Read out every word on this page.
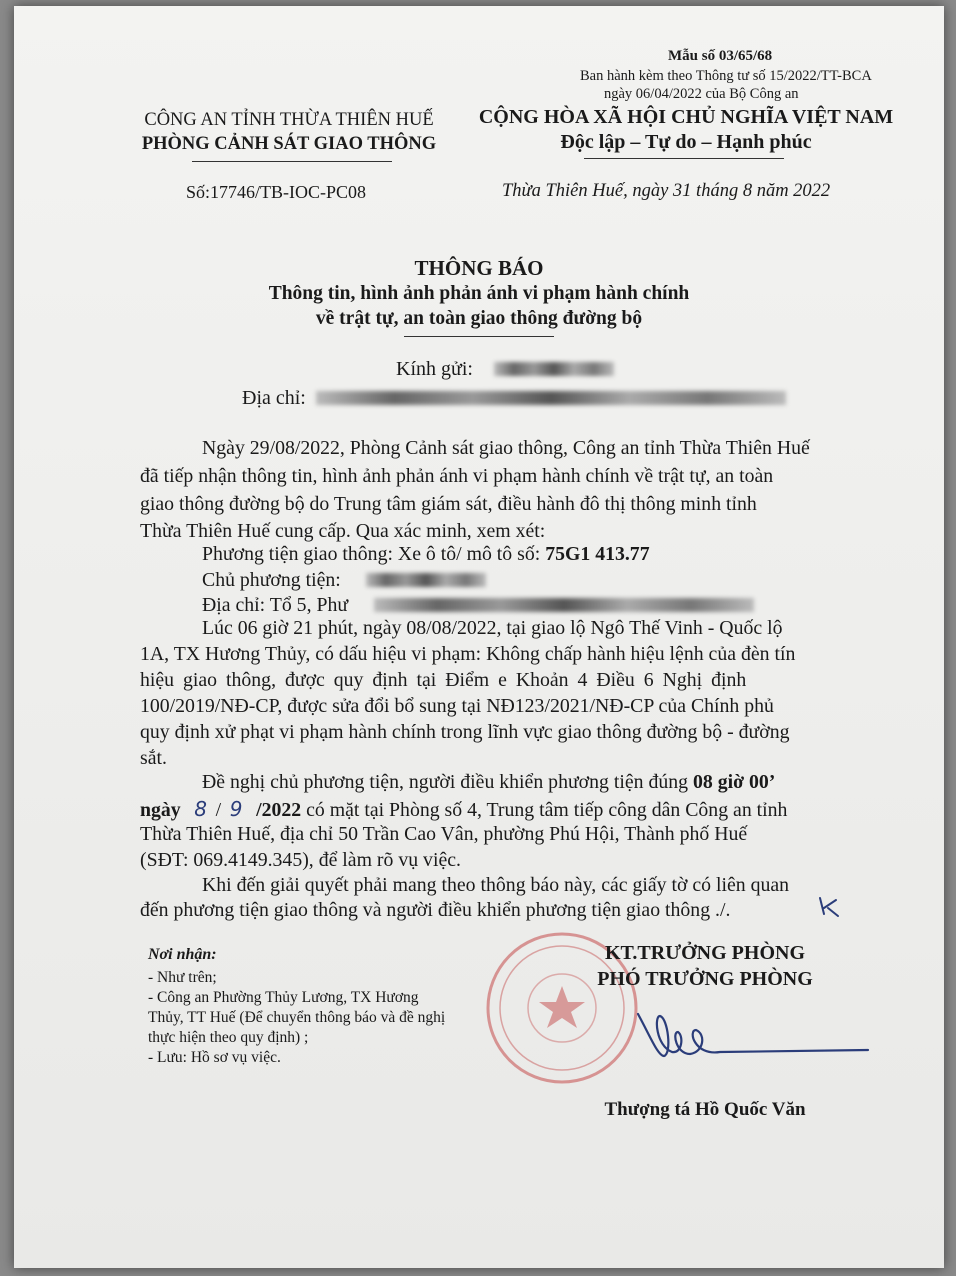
Mẫu số 03/65/68
Ban hành kèm theo Thông tư số 15/2022/TT-BCA
ngày 06/04/2022 của Bộ Công an
CÔNG AN TỈNH THỪA THIÊN HUẾ
PHÒNG CẢNH SÁT GIAO THÔNG
CỘNG HÒA XÃ HỘI CHỦ NGHĨA VIỆT NAM
Độc lập – Tự do – Hạnh phúc
Số:17746/TB-IOC-PC08	Thừa Thiên Huế, ngày 31 tháng 8 năm 2022
THÔNG BÁO
Thông tin, hình ảnh phản ánh vi phạm hành chính
về trật tự, an toàn giao thông đường bộ
Kính gửi:
Địa chỉ:
Ngày 29/08/2022, Phòng Cảnh sát giao thông, Công an tỉnh Thừa Thiên Huế
đã tiếp nhận thông tin, hình ảnh phản ánh vi phạm hành chính về trật tự, an toàn
giao thông đường bộ do Trung tâm giám sát, điều hành đô thị thông minh tỉnh
Thừa Thiên Huế cung cấp. Qua xác minh, xem xét:
Phương tiện giao thông: Xe ô tô/ mô tô số: 75G1 413.77
Chủ phương tiện:
Địa chỉ: Tổ 5, Phư
Lúc 06 giờ 21 phút, ngày 08/08/2022, tại giao lộ Ngô Thế Vinh - Quốc lộ
1A, TX Hương Thủy, có dấu hiệu vi phạm: Không chấp hành hiệu lệnh của đèn tín
hiệu giao thông, được quy định tại Điểm e Khoản 4 Điều 6 Nghị định
100/2019/NĐ-CP, được sửa đổi bổ sung tại NĐ123/2021/NĐ-CP của Chính phủ
quy định xử phạt vi phạm hành chính trong lĩnh vực giao thông đường bộ - đường
sắt.
Đề nghị chủ phương tiện, người điều khiển phương tiện đúng 08 giờ 00’
ngày 8 / 9 /2022 có mặt tại Phòng số 4, Trung tâm tiếp công dân Công an tỉnh
Thừa Thiên Huế, địa chỉ 50 Trần Cao Vân, phường Phú Hội, Thành phố Huế
(SĐT: 069.4149.345), để làm rõ vụ việc.
Khi đến giải quyết phải mang theo thông báo này, các giấy tờ có liên quan
đến phương tiện giao thông và người điều khiển phương tiện giao thông ./.
Nơi nhận:
- Như trên;
- Công an Phường Thủy Lương, TX Hương
Thủy, TT Huế (Để chuyển thông báo và đề nghị
thực hiện theo quy định) ;
- Lưu: Hồ sơ vụ việc.
KT.TRƯỞNG PHÒNG
PHÓ TRƯỞNG PHÒNG
Thượng tá Hồ Quốc Văn
